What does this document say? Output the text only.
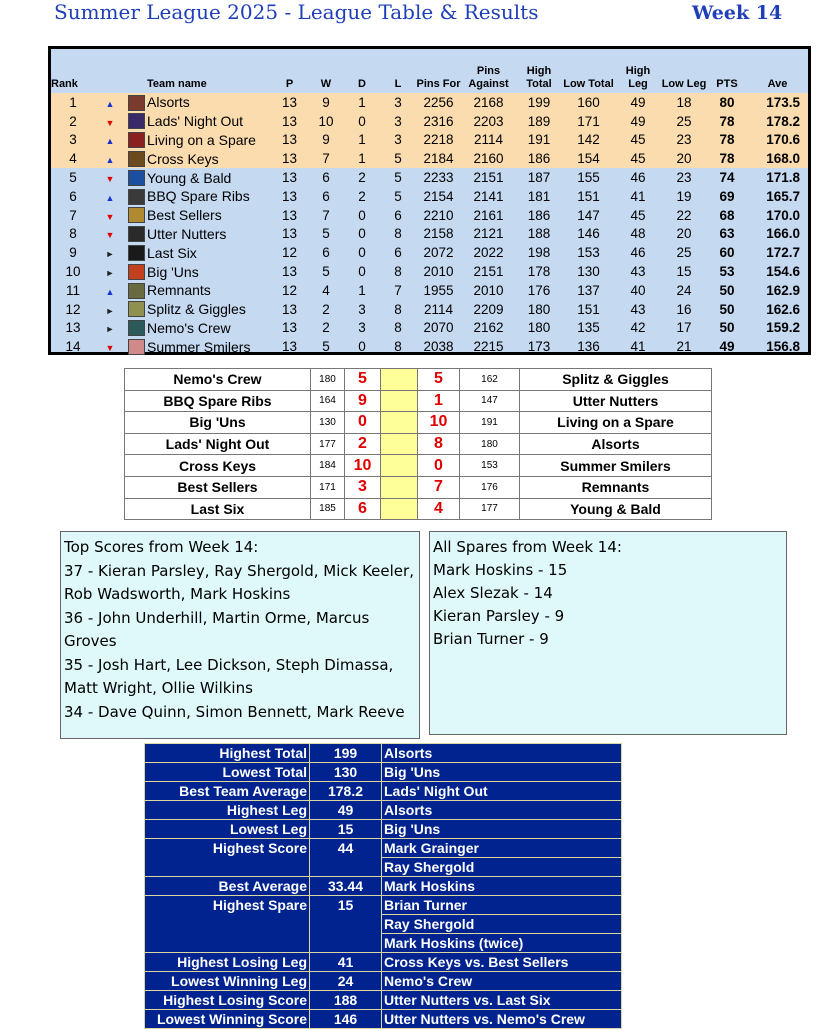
Summer League 2025 - League Table & Results	Week 14
Rank			Team name	P	W	D	L	Pins For	Pins Against	High Total	Low Total	High Leg	Low Leg	PTS	Ave
1	▲		Alsorts	13	9	1	3	2256	2168	199	160	49	18	80	173.5
2	▼		Lads' Night Out	13	10	0	3	2316	2203	189	171	49	25	78	178.2
3	▲		Living on a Spare	13	9	1	3	2218	2114	191	142	45	23	78	170.6
4	▲		Cross Keys	13	7	1	5	2184	2160	186	154	45	20	78	168.0
5	▼		Young & Bald	13	6	2	5	2233	2151	187	155	46	23	74	171.8
6	▲		BBQ Spare Ribs	13	6	2	5	2154	2141	181	151	41	19	69	165.7
7	▼		Best Sellers	13	7	0	6	2210	2161	186	147	45	22	68	170.0
8	▼		Utter Nutters	13	5	0	8	2158	2121	188	146	48	20	63	166.0
9	►		Last Six	12	6	0	6	2072	2022	198	153	46	25	60	172.7
10	►		Big 'Uns	13	5	0	8	2010	2151	178	130	43	15	53	154.6
11	▲		Remnants	12	4	1	7	1955	2010	176	137	40	24	50	162.9
12	►		Splitz & Giggles	13	2	3	8	2114	2209	180	151	43	16	50	162.6
13	►		Nemo's Crew	13	2	3	8	2070	2162	180	135	42	17	50	159.2
14	▼		Summer Smilers	13	5	0	8	2038	2215	173	136	41	21	49	156.8
Nemo's Crew	180	5		5	162	Splitz & Giggles
BBQ Spare Ribs	164	9		1	147	Utter Nutters
Big 'Uns	130	0		10	191	Living on a Spare
Lads' Night Out	177	2		8	180	Alsorts
Cross Keys	184	10		0	153	Summer Smilers
Best Sellers	171	3		7	176	Remnants
Last Six	185	6		4	177	Young & Bald
Top Scores from Week 14:
37 - Kieran Parsley, Ray Shergold, Mick Keeler, Rob Wadsworth, Mark Hoskins
36 - John Underhill, Martin Orme, Marcus Groves
35 - Josh Hart, Lee Dickson, Steph Dimassa, Matt Wright, Ollie Wilkins
34 - Dave Quinn, Simon Bennett, Mark Reeve
All Spares from Week 14:
Mark Hoskins - 15
Alex Slezak - 14
Kieran Parsley - 9
Brian Turner - 9
Highest Total	199	Alsorts
Lowest Total	130	Big 'Uns
Best Team Average	178.2	Lads' Night Out
Highest Leg	49	Alsorts
Lowest Leg	15	Big 'Uns
Highest Score	44	Mark Grainger
		Ray Shergold
Best Average	33.44	Mark Hoskins
Highest Spare	15	Brian Turner
		Ray Shergold
		Mark Hoskins (twice)
Highest Losing Leg	41	Cross Keys vs. Best Sellers
Lowest Winning Leg	24	Nemo's Crew
Highest Losing Score	188	Utter Nutters vs. Last Six
Lowest Winning Score	146	Utter Nutters vs. Nemo's Crew
